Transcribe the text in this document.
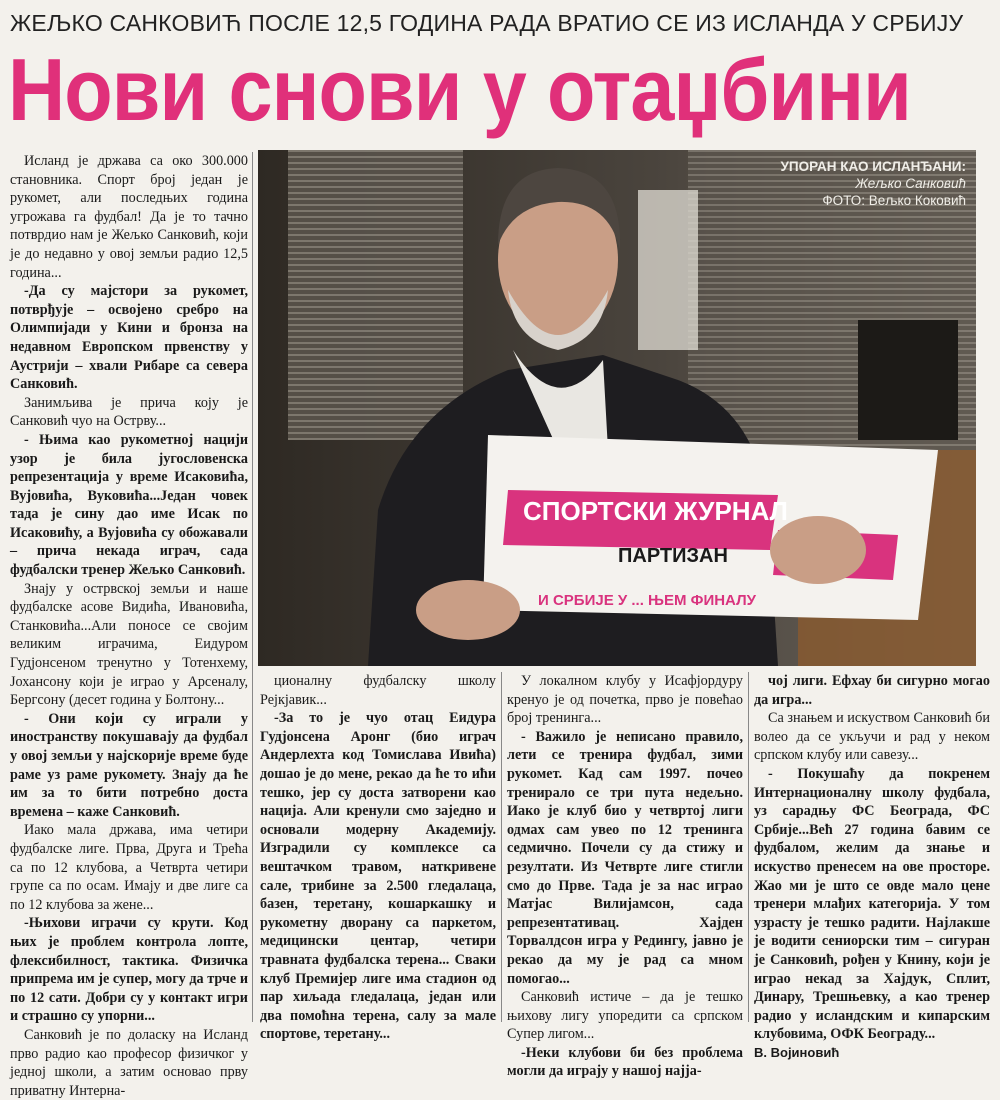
ЖЕЉКО САНКОВИЋ ПОСЛЕ 12,5 ГОДИНА РАДА ВРАТИО СЕ ИЗ ИСЛАНДА У СРБИЈУ
Нови снови у отаџбини
СПОРТСКИ ЖУРНАЛ
ПАРТИЗАН
И СРБИЈЕ У ... ЊЕМ ФИНАЛУ
УПОРАН КАО ИСЛАНЂАНИ:
Жељко Санковић
ФОТО: Вељко Коковић

Исланд је држава са око 300.000 становника. Спорт број један је рукомет, али последњих година угрожава га фудбал! Да је то тачно потврдио нам је Жељко Санковић, који је до недавно у овој земљи радио 12,5 година...

-Да су мајстори за рукомет, потврђује – освојено сребро на Олимпијади у Кини и бронза на недавном Европском првенству у Аустрији – хвали Рибаре са севера Санковић.

Занимљива је прича коју је Санковић чуо на Острву...

- Њима као рукометној нацији узор је била југословенска репрезентација у време Исаковића, Вујовића, Вуковића...Један човек тада је сину дао име Исак по Исаковићу, а Вујовића су обожавали – прича некада играч, сада фудбалски тренер Жељко Санковић.

Знају у острвској земљи и наше фудбалске асове Видића, Ивановића, Станковића...Али поносе се својим великим играчима, Еидуром Гудјонсеном тренутно у Тотенхему, Јохансону који је играо у Арсеналу, Бергсону (десет година у Болтону...

- Они који су играли у иностранству покушавају да фудбал у овој земљи у најскорије време буде раме уз раме рукомету. Знају да ће им за то бити потребно доста времена – каже Санковић.

Иако мала држава, има четири фудбалске лиге. Прва, Друга и Трећа са по 12 клубова, а Четврта четири групе са по осам. Имају и две лиге са по 12 клубова за жене...

-Њихови играчи су крути. Код њих је проблем контрола лопте, флексибилност, тактика. Физичка припрема им је супер, могу да трче и по 12 сати. Добри су у контакт игри и страшно су упорни...

Санковић је по доласку на Исланд прво радио као професор физичког у једној школи, а затим основао прву приватну Интерна-

ционалну фудбалску школу Рејкјавик...

-За то је чуо отац Еидура Гудјонсена Аронг (био играч Андерлехта код Томислава Ивића) дошао је до мене, рекао да ће то ићи тешко, јер су доста затворени као нација. Али кренули смо заједно и основали модерну Академију. Изградили су комплексе са вештачком травом, наткривене сале, трибине за 2.500 гледалаца, базен, теретану, кошаркашку и рукометну дворану са паркетом, медицински центар, четири травната фудбалска терена... Сваки клуб Премијер лиге има стадион од пар хиљада гледалаца, један или два помоћна терена, салу за мале спортове, теретану...

У локалном клубу у Исафјордуру кренуо је од почетка, прво је повећао број тренинга...

- Важило је неписано правило, лети се тренира фудбал, зими рукомет. Кад сам 1997. почео тренирало се три пута недељно. Иако је клуб био у четвртој лиги одмах сам увео по 12 тренинга седмично. Почели су да стижу и резултати. Из Четврте лиге стигли смо до Прве. Тада је за нас играо Матјас Вилијамсон, сада репрезентативац. Хајден Торвалдсон игра у Редингу, јавно је рекао да му је рад са мном помогао...

Санковић истиче – да је тешко њихову лигу упоредити са српском Супер лигом...

-Неки клубови би без проблема могли да играју у нашој најја-

чој лиги. Ефхау би сигурно могао да игра...

Са знањем и искуством Санковић би волео да се укључи и рад у неком српском клубу или савезу...

- Покушаћу да покренем Интернационалну школу фудбала, уз сарадњу ФС Београда, ФС Србије...Већ 27 година бавим се фудбалом, желим да знање и искуство пренесем на ове просторе. Жао ми је што се овде мало цене тренери млађих категорија. У том узрасту је тешко радити. Најлакше је водити сениорски тим – сигуран је Санковић, рођен у Книну, који је играо некад за Хајдук, Сплит, Динару, Трешњевку, а као тренер радио у исландским и кипарским клубовима, ОФК Београду...

В. Војиновић
